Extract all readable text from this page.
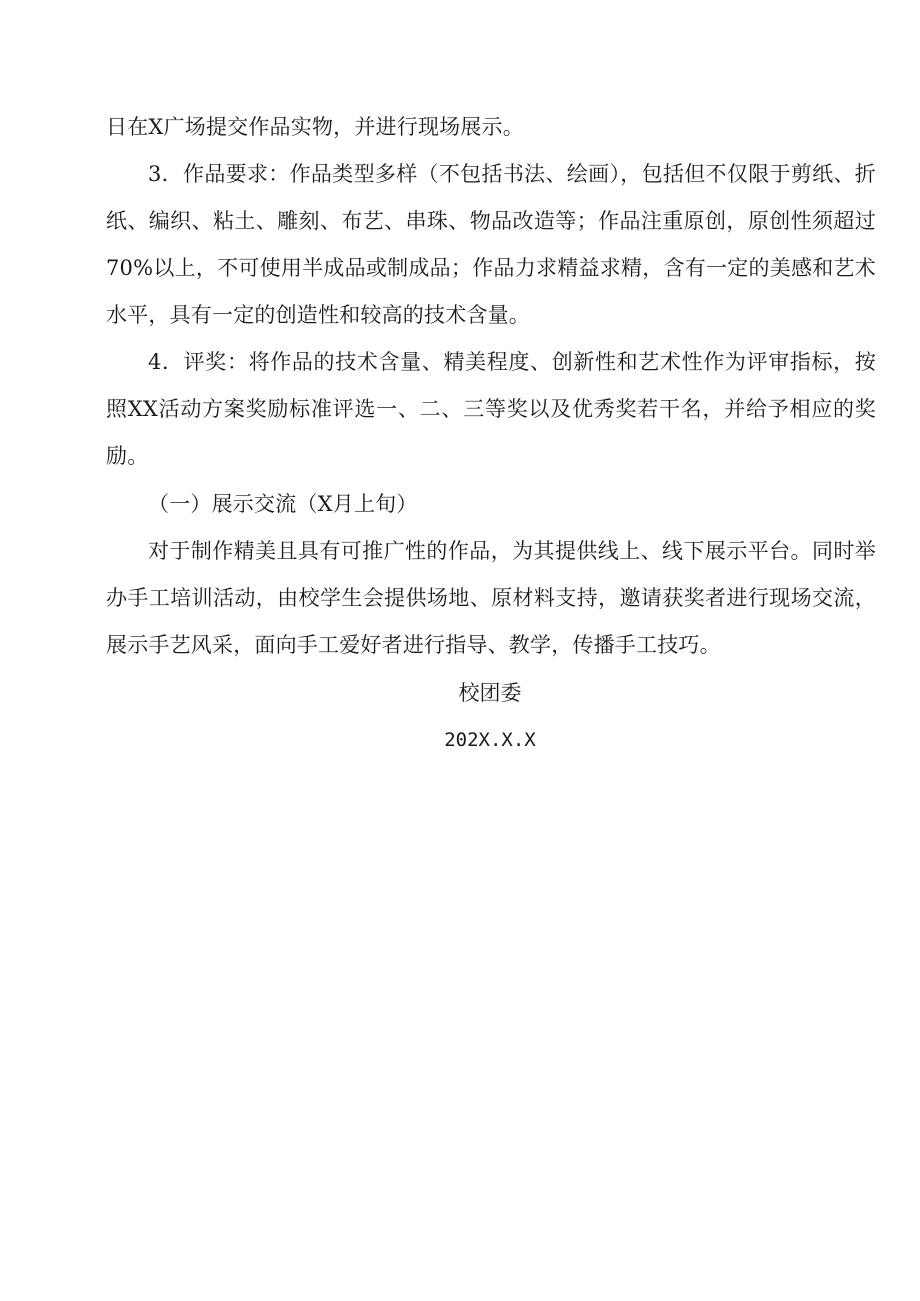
日在X广场提交作品实物，并进行现场展示。

3．作品要求：作品类型多样（不包括书法、绘画），包括但不仅限于剪纸、折纸、编织、粘土、雕刻、布艺、串珠、物品改造等；作品注重原创，原创性须超过70%以上，不可使用半成品或制成品；作品力求精益求精，含有一定的美感和艺术水平，具有一定的创造性和较高的技术含量。

4．评奖：将作品的技术含量、精美程度、创新性和艺术性作为评审指标，按照XX活动方案奖励标准评选一、二、三等奖以及优秀奖若干名，并给予相应的奖励。

（一）展示交流（X月上旬）

对于制作精美且具有可推广性的作品，为其提供线上、线下展示平台。同时举办手工培训活动，由校学生会提供场地、原材料支持，邀请获奖者进行现场交流，展示手艺风采，面向手工爱好者进行指导、教学，传播手工技巧。

校团委

202X.X.X
